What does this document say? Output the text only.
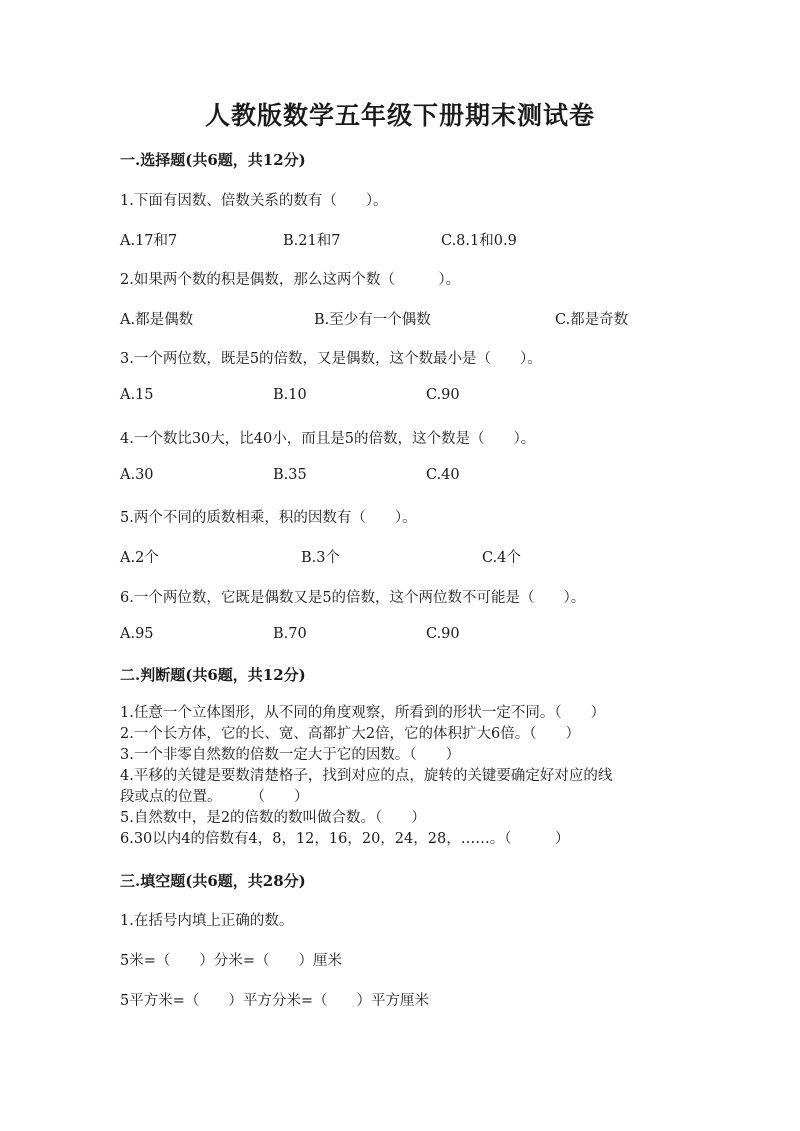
人教版数学五年级下册期末测试卷
一.选择题(共6题，共12分)
1.下面有因数、倍数关系的数有（　　）。
A.17和7	B.21和7	C.8.1和0.9
2.如果两个数的积是偶数，那么这两个数（　　　）。
A.都是偶数	B.至少有一个偶数	C.都是奇数
3.一个两位数，既是5的倍数，又是偶数，这个数最小是（　　）。
A.15	B.10	C.90
4.一个数比30大，比40小，而且是5的倍数，这个数是（　　）。
A.30	B.35	C.40
5.两个不同的质数相乘，积的因数有（　　）。
A.2个	B.3个	C.4个
6.一个两位数，它既是偶数又是5的倍数，这个两位数不可能是（　　）。
A.95	B.70	C.90
二.判断题(共6题，共12分)
1.任意一个立体图形，从不同的角度观察，所看到的形状一定不同。（　　）
2.一个长方体，它的长、宽、高都扩大2倍，它的体积扩大6倍。（　　）
3.一个非零自然数的倍数一定大于它的因数。（　　）
4.平移的关键是要数清楚格子，找到对应的点，旋转的关键要确定好对应的线
段或点的位置。　　　（　　）
5.自然数中，是2的倍数的数叫做合数。（　　）
6.30以内4的倍数有4，8，12，16，20，24，28，……。（　　　）
三.填空题(共6题，共28分)
1.在括号内填上正确的数。
5米=（　　）分米=（　　）厘米
5平方米=（　　）平方分米=（　　）平方厘米
